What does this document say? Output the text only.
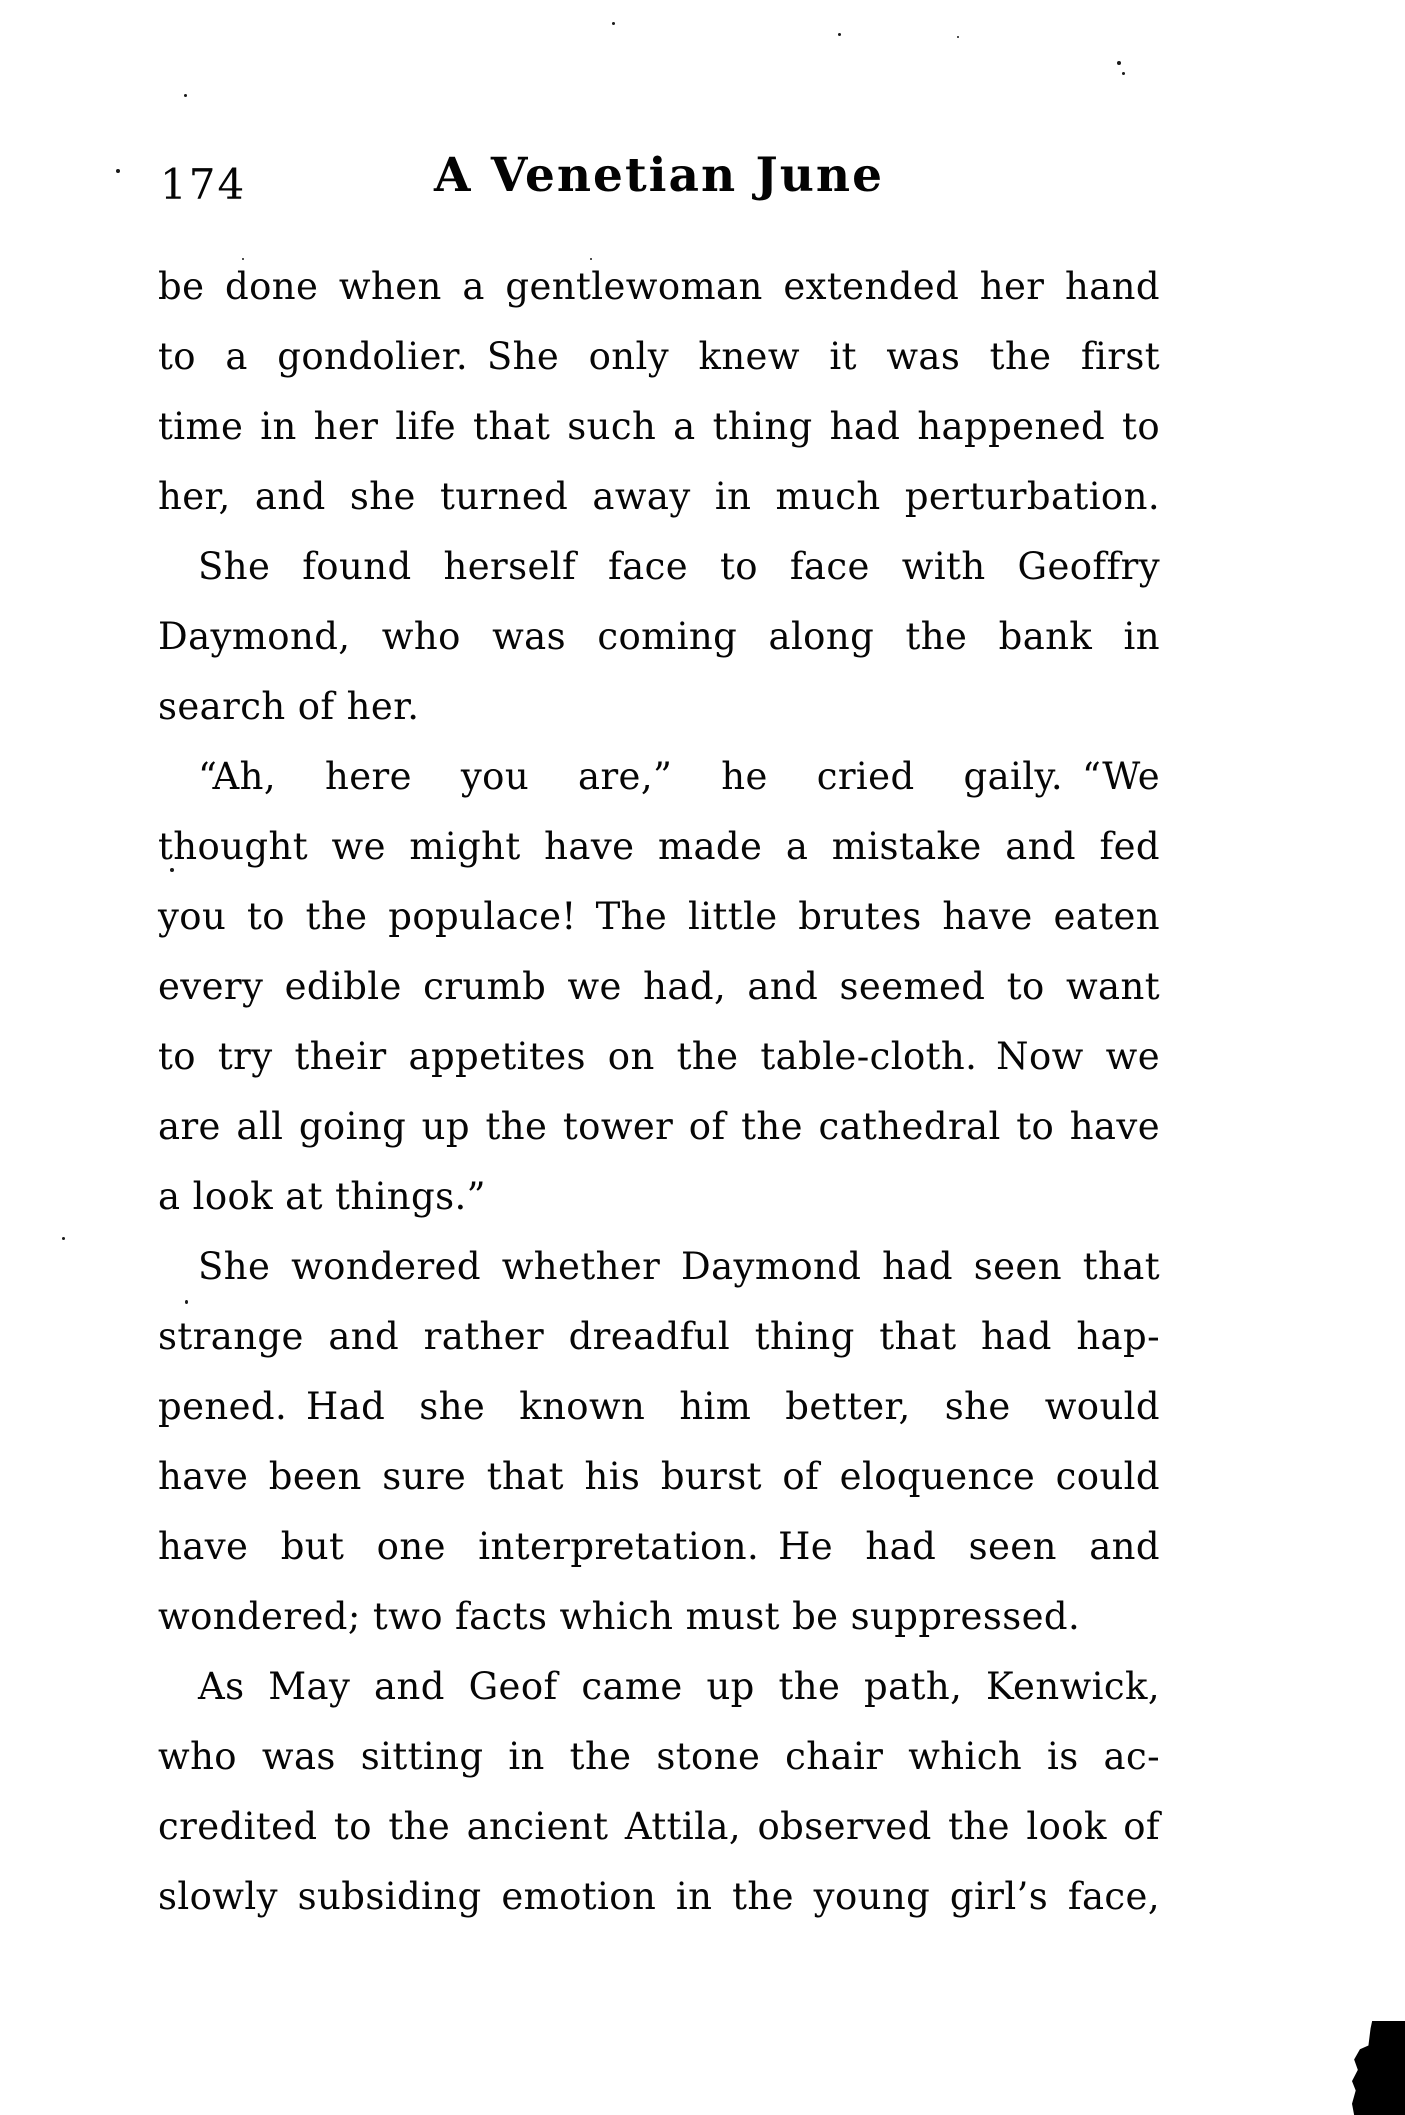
174	A Venetian June
be done when a gentlewoman extended her hand
to a gondolier. She only knew it was the first
time in her life that such a thing had happened to
her, and she turned away in much perturbation.
She found herself face to face with Geoffry
Daymond, who was coming along the bank in
search of her.
“Ah, here you are,” he cried gaily. “We
thought we might have made a mistake and fed
you to the populace! The little brutes have eaten
every edible crumb we had, and seemed to want
to try their appetites on the table-cloth. Now we
are all going up the tower of the cathedral to have
a look at things.”
She wondered whether Daymond had seen that
strange and rather dreadful thing that had hap-
pened. Had she known him better, she would
have been sure that his burst of eloquence could
have but one interpretation. He had seen and
wondered; two facts which must be suppressed.
As May and Geof came up the path, Kenwick,
who was sitting in the stone chair which is ac-
credited to the ancient Attila, observed the look of
slowly subsiding emotion in the young girl’s face,
